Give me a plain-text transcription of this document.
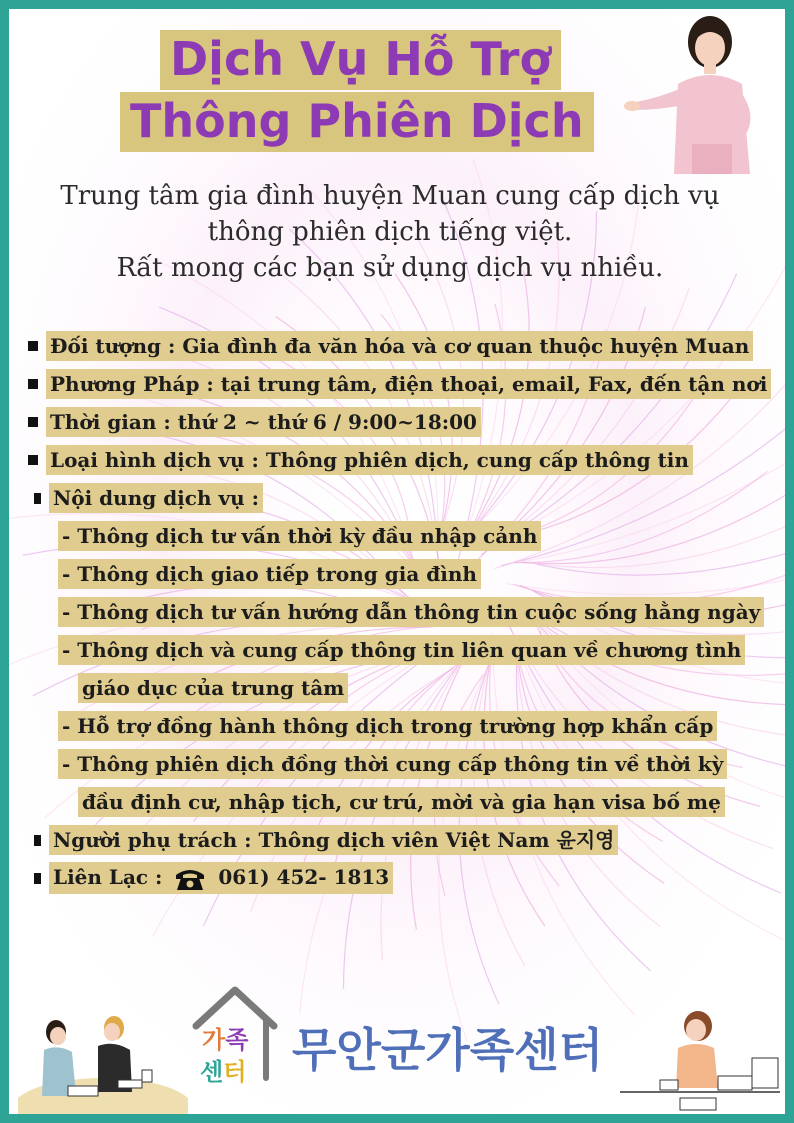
Dịch Vụ Hỗ Trợ
Thông Phiên Dịch
Trung tâm gia đình huyện Muan cung cấp dịch vụ
thông phiên dịch tiếng việt.
Rất mong các bạn sử dụng dịch vụ nhiều.
Đối tượng : Gia đình đa văn hóa và cơ quan thuộc huyện Muan
Phương Pháp : tại trung tâm, điện thoại, email, Fax, đến tận nơi
Thời gian : thứ 2 ~ thứ 6 / 9:00~18:00
Loại hình dịch vụ : Thông phiên dịch, cung cấp thông tin
Nội dung dịch vụ :
- Thông dịch tư vấn thời kỳ đầu nhập cảnh
- Thông dịch giao tiếp trong gia đình
- Thông dịch tư vấn hướng dẫn thông tin cuộc sống hằng ngày
- Thông dịch và cung cấp thông tin liên quan về chương tình
giáo dục của trung tâm
- Hỗ trợ đồng hành thông dịch trong trường hợp khẩn cấp
- Thông phiên dịch đồng thời cung cấp thông tin về thời kỳ
đầu định cư, nhập tịch, cư trú, mời và gia hạn visa bố mẹ
Người phụ trách : Thông dịch viên Việt Nam 윤지영
Liên Lạc :	061) 452- 1813
가족
센터 무안군가족센터
